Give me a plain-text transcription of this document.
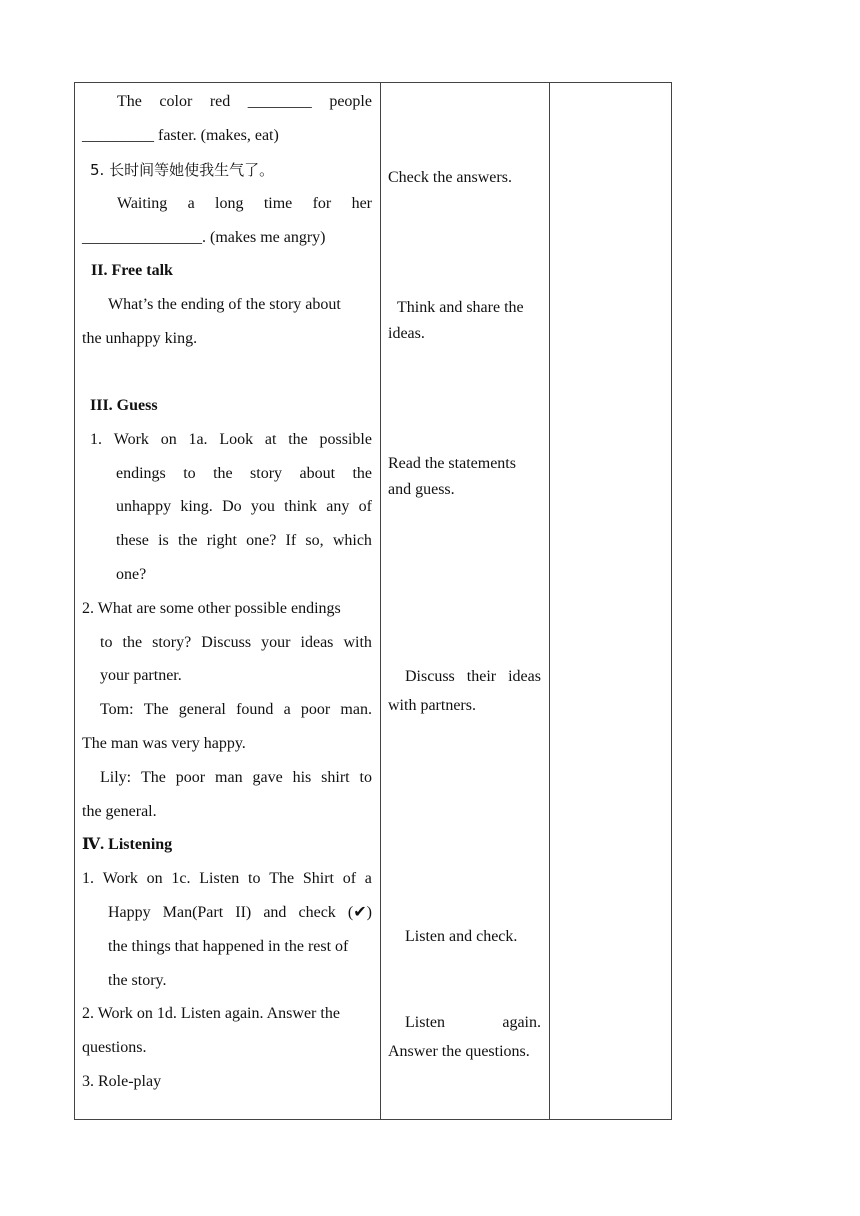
The color red ________ people
_________ faster. (makes, eat)
5. 长时间等她使我生气了。
Waiting a long time for her
_______________. (makes me angry)
II. Free talk
What’s the ending of the story about
the unhappy king.
III. Guess
1. Work on 1a. Look at the possible
endings to the story about the
unhappy king. Do you think any of
these is the right one? If so, which
one?
2. What are some other possible endings
to the story? Discuss your ideas with
your partner.
Tom: The general found a poor man.
The man was very happy.
Lily: The poor man gave his shirt to
the general.
Ⅳ. Listening
1. Work on 1c. Listen to The Shirt of a
Happy Man(Part II) and check (✔)
the things that happened in the rest of
the story.
2. Work on 1d. Listen again. Answer the
questions.
3. Role-play
Check the answers.
Think and share the
ideas.
Read the statements
and guess.
Discuss their ideas
with partners.
Listen and check.
Listen	again.
Answer the questions.
